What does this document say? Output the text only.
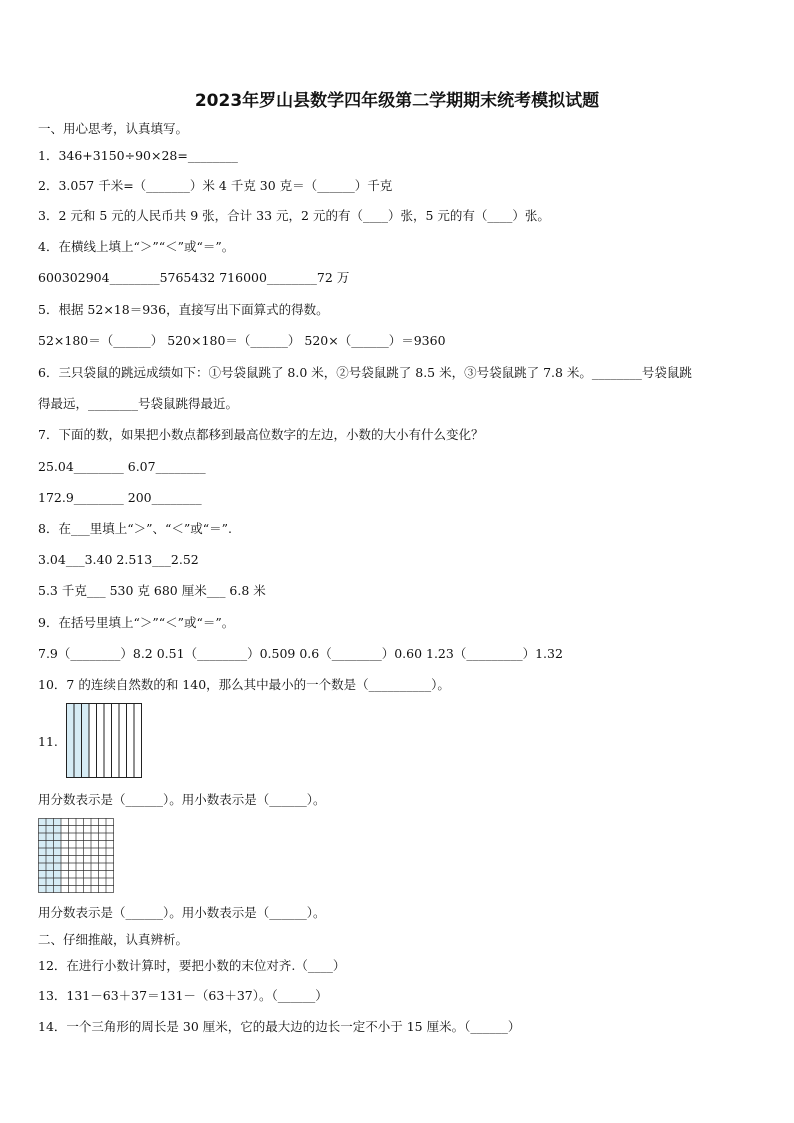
2023年罗山县数学四年级第二学期期末统考模拟试题
一、用心思考，认真填写。
1．346+3150÷90×28=________
2．3.057 千米=（_______）米 4 千克 30 克＝（______）千克
3．2 元和 5 元的人民币共 9 张，合计 33 元，2 元的有（____）张，5 元的有（____）张。
4．在横线上填上“＞”“＜”或“＝”。
600302904________5765432 716000________72 万
5．根据 52×18＝936，直接写出下面算式的得数。
52×180＝（______） 520×180＝（______） 520×（______）＝9360
6．三只袋鼠的跳远成绩如下：①号袋鼠跳了 8.0 米，②号袋鼠跳了 8.5 米，③号袋鼠跳了 7.8 米。________号袋鼠跳
得最远，________号袋鼠跳得最近。
7．下面的数，如果把小数点都移到最高位数字的左边，小数的大小有什么变化？
25.04________ 6.07________
172.9________ 200________
8．在___里填上“＞”、“＜”或“＝”.
3.04___3.40 2.513___2.52
5.3 千克___ 530 克 680 厘米___ 6.8 米
9．在括号里填上“＞”“＜”或“＝”。
7.9（________）8.2 0.51（________）0.509 0.6（________）0.60 1.23（_________）1.32
10．7 的连续自然数的和 140，那么其中最小的一个数是（__________）。
11.
用分数表示是（______）。用小数表示是（______）。
用分数表示是（______）。用小数表示是（______）。
二、仔细推敲，认真辨析。
12．在进行小数计算时，要把小数的末位对齐.（____）
13．131－63＋37＝131－（63＋37）。（______）
14．一个三角形的周长是 30 厘米，它的最大边的边长一定不小于 15 厘米。（______）
